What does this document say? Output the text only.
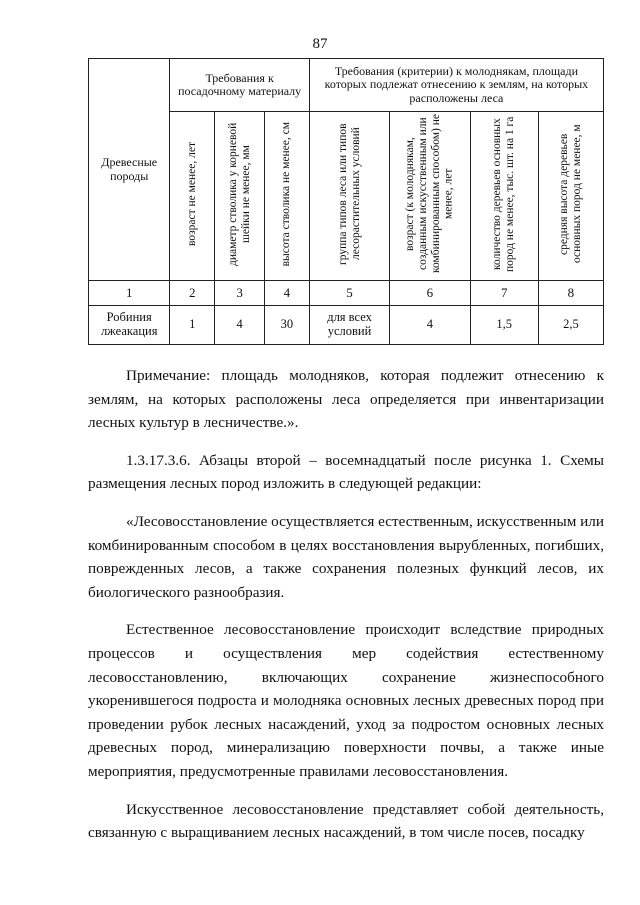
87
Древесные породы	Требования к посадочному материалу			Требования (критерии) к молоднякам, площади которых подлежат отнесению к землям, на которых расположены леса			
	возраст не менее, лет	диаметр стволика у корневой шейки не менее, мм	высота стволика не менее, см	группа типов леса или типов лесорастительных условий	возраст (к молоднякам, созданным искусственным или комбинированным способом) не менее, лет	количество деревьев основных пород не менее, тыс. шт. на 1 га	средняя высота деревьев основных пород не менее, м
1	2	3	4	5	6	7	8
Робиния лжеакация	1	4	30	для всех условий	4	1,5	2,5

Примечание: площадь молодняков, которая подлежит отнесению к землям, на которых расположены леса определяется при инвентаризации лесных культур в лесничестве.».

1.3.17.3.6. Абзацы второй – восемнадцатый после рисунка 1. Схемы размещения лесных пород изложить в следующей редакции:

«Лесовосстановление осуществляется естественным, искусственным или комбинированным способом в целях восстановления вырубленных, погибших, поврежденных лесов, а также сохранения полезных функций лесов, их биологического разнообразия.

Естественное лесовосстановление происходит вследствие природных процессов и осуществления мер содействия естественному лесовосстановлению, включающих сохранение жизнеспособного укоренившегося подроста и молодняка основных лесных древесных пород при проведении рубок лесных насаждений, уход за подростом основных лесных древесных пород, минерализацию поверхности почвы, а также иные мероприятия, предусмотренные правилами лесовосстановления.

Искусственное лесовосстановление представляет собой деятельность, связанную с выращиванием лесных насаждений, в том числе посев, посадку
